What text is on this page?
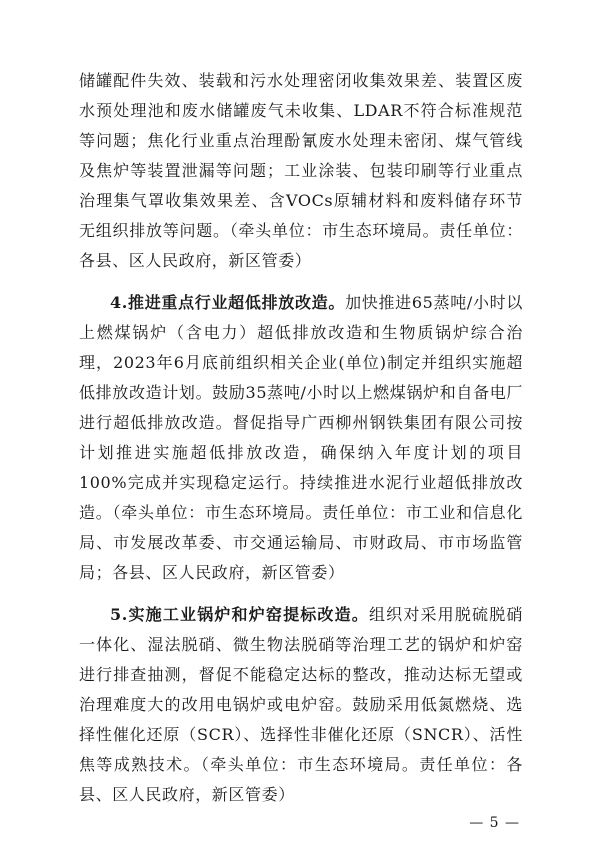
储罐配件失效、装载和污水处理密闭收集效果差、装置区废水预处理池和废水储罐废气未收集、LDAR不符合标准规范等问题；焦化行业重点治理酚氰废水处理未密闭、煤气管线及焦炉等装置泄漏等问题；工业涂装、包装印刷等行业重点治理集气罩收集效果差、含VOCs原辅材料和废料储存环节无组织排放等问题。（牵头单位：市生态环境局。责任单位：各县、区人民政府，新区管委）

4.推进重点行业超低排放改造。加快推进65蒸吨/小时以上燃煤锅炉（含电力）超低排放改造和生物质锅炉综合治理，2023年6月底前组织相关企业(单位)制定并组织实施超低排放改造计划。鼓励35蒸吨/小时以上燃煤锅炉和自备电厂进行超低排放改造。督促指导广西柳州钢铁集团有限公司按计划推进实施超低排放改造，确保纳入年度计划的项目100%完成并实现稳定运行。持续推进水泥行业超低排放改造。（牵头单位：市生态环境局。责任单位：市工业和信息化局、市发展改革委、市交通运输局、市财政局、市市场监管局；各县、区人民政府，新区管委）

5.实施工业锅炉和炉窑提标改造。组织对采用脱硫脱硝一体化、湿法脱硝、微生物法脱硝等治理工艺的锅炉和炉窑进行排查抽测，督促不能稳定达标的整改，推动达标无望或治理难度大的改用电锅炉或电炉窑。鼓励采用低氮燃烧、选择性催化还原（SCR）、选择性非催化还原（SNCR）、活性焦等成熟技术。（牵头单位：市生态环境局。责任单位：各县、区人民政府，新区管委）

— 5 —
